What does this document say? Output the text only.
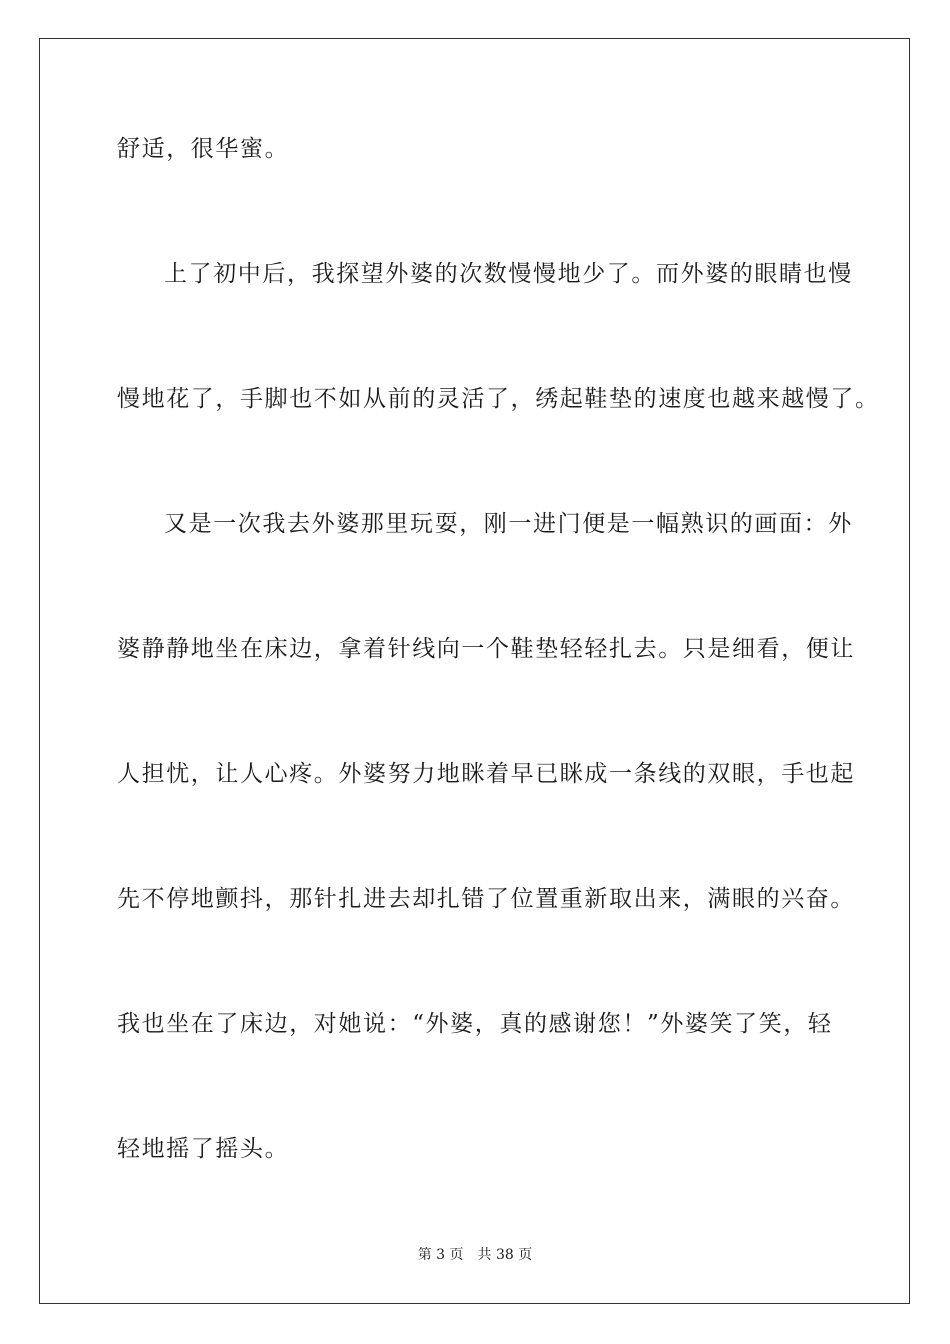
舒适，很华蜜。
上了初中后，我探望外婆的次数慢慢地少了。而外婆的眼睛也慢
慢地花了，手脚也不如从前的灵活了，绣起鞋垫的速度也越来越慢了。
又是一次我去外婆那里玩耍，刚一进门便是一幅熟识的画面：外
婆静静地坐在床边，拿着针线向一个鞋垫轻轻扎去。只是细看，便让
人担忧，让人心疼。外婆努力地眯着早已眯成一条线的双眼，手也起
先不停地颤抖，那针扎进去却扎错了位置重新取出来，满眼的兴奋。
我也坐在了床边，对她说：“外婆，真的感谢您！”外婆笑了笑，轻
轻地摇了摇头。
第 3 页 共 38 页
